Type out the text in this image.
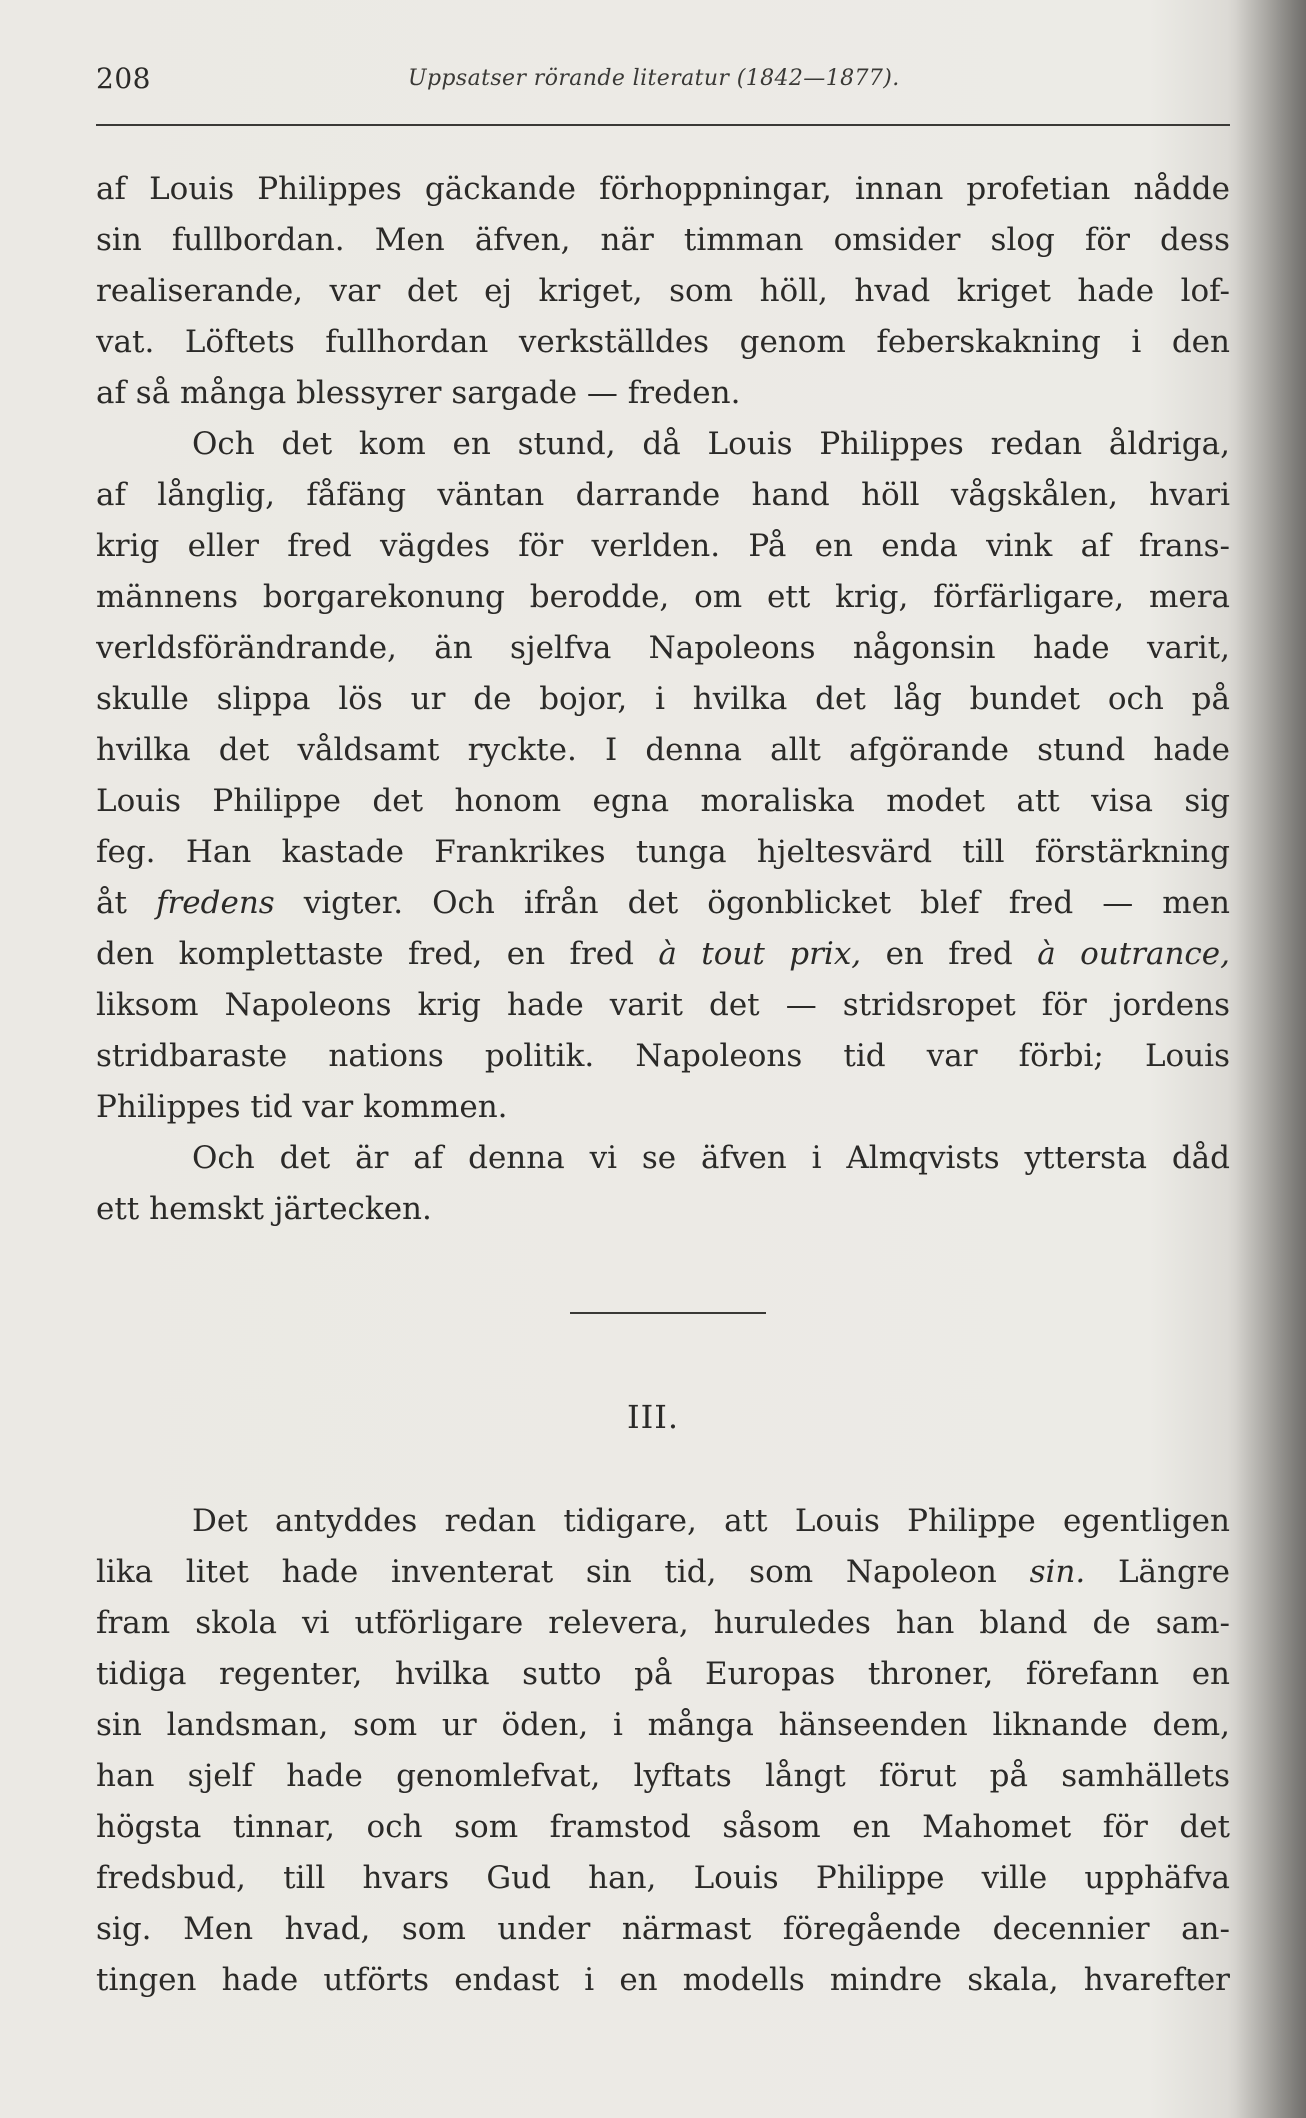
208	Uppsatser rörande literatur (1842—1877).
af Louis Philippes gäckande förhoppningar, innan profetian nådde
sin fullbordan. Men äfven, när timman omsider slog för dess
realiserande, var det ej kriget, som höll, hvad kriget hade lof-
vat. Löftets fullhordan verkställdes genom feberskakning i den
af så många blessyrer sargade — freden.
Och det kom en stund, då Louis Philippes redan åldriga,
af långlig, fåfäng väntan darrande hand höll vågskålen, hvari
krig eller fred vägdes för verlden. På en enda vink af frans-
männens borgarekonung berodde, om ett krig, förfärligare, mera
verldsförändrande, än sjelfva Napoleons någonsin hade varit,
skulle slippa lös ur de bojor, i hvilka det låg bundet och på
hvilka det våldsamt ryckte. I denna allt afgörande stund hade
Louis Philippe det honom egna moraliska modet att visa sig
feg. Han kastade Frankrikes tunga hjeltesvärd till förstärkning
åt fredens vigter. Och ifrån det ögonblicket blef fred — men
den komplettaste fred, en fred à tout prix, en fred à outrance,
liksom Napoleons krig hade varit det — stridsropet för jordens
stridbaraste nations politik. Napoleons tid var förbi; Louis
Philippes tid var kommen.
Och det är af denna vi se äfven i Almqvists yttersta dåd
ett hemskt järtecken.
III.
Det antyddes redan tidigare, att Louis Philippe egentligen
lika litet hade inventerat sin tid, som Napoleon sin. Längre
fram skola vi utförligare relevera, huruledes han bland de sam-
tidiga regenter, hvilka sutto på Europas throner, förefann en
sin landsman, som ur öden, i många hänseenden liknande dem,
han sjelf hade genomlefvat, lyftats långt förut på samhällets
högsta tinnar, och som framstod såsom en Mahomet för det
fredsbud, till hvars Gud han, Louis Philippe ville upphäfva
sig. Men hvad, som under närmast föregående decennier an-
tingen hade utförts endast i en modells mindre skala, hvarefter
